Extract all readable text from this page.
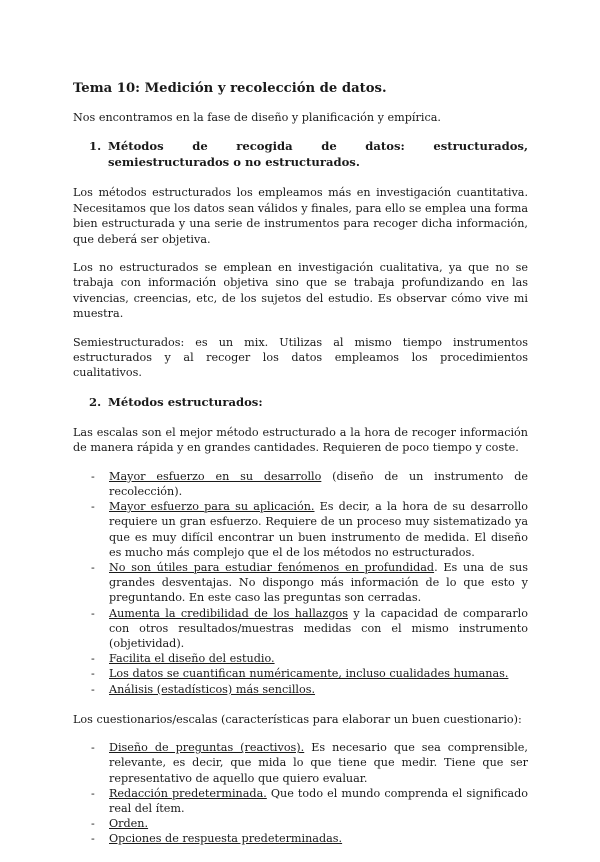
Tema 10: Medición y recolección de datos.

Nos encontramos en la fase de diseño y planificación y empírica.

1. Métodos de recogida de datos: estructurados, semiestructurados o no estructurados.

Los métodos estructurados los empleamos más en investigación cuantitativa. Necesitamos que los datos sean válidos y finales, para ello se emplea una forma bien estructurada y una serie de instrumentos para recoger dicha información, que deberá ser objetiva.

Los no estructurados se emplean en investigación cualitativa, ya que no se trabaja con información objetiva sino que se trabaja profundizando en las vivencias, creencias, etc, de los sujetos del estudio. Es observar cómo vive mi muestra.

Semiestructurados: es un mix. Utilizas al mismo tiempo instrumentos estructurados y al recoger los datos empleamos los procedimientos cualitativos.

2. Métodos estructurados:

Las escalas son el mejor método estructurado a la hora de recoger información de manera rápida y en grandes cantidades. Requieren de poco tiempo y coste.

-	Mayor esfuerzo en su desarrollo (diseño de un instrumento de recolección).
-	Mayor esfuerzo para su aplicación. Es decir, a la hora de su desarrollo requiere un gran esfuerzo. Requiere de un proceso muy sistematizado ya que es muy difícil encontrar un buen instrumento de medida. El diseño es mucho más complejo que el de los métodos no estructurados.
-	No son útiles para estudiar fenómenos en profundidad. Es una de sus grandes desventajas. No dispongo más información de lo que esto y preguntando. En este caso las preguntas son cerradas.
-	Aumenta la credibilidad de los hallazgos y la capacidad de compararlo con otros resultados/muestras medidas con el mismo instrumento (objetividad).
-	Facilita el diseño del estudio.
-	Los datos se cuantifican numéricamente, incluso cualidades humanas.
-	Análisis (estadísticos) más sencillos.

Los cuestionarios/escalas (características para elaborar un buen cuestionario):

-	Diseño de preguntas (reactivos). Es necesario que sea comprensible, relevante, es decir, que mida lo que tiene que medir. Tiene que ser representativo de aquello que quiero evaluar.
-	Redacción predeterminada. Que todo el mundo comprenda el significado real del ítem.
-	Orden.
-	Opciones de respuesta predeterminadas.
